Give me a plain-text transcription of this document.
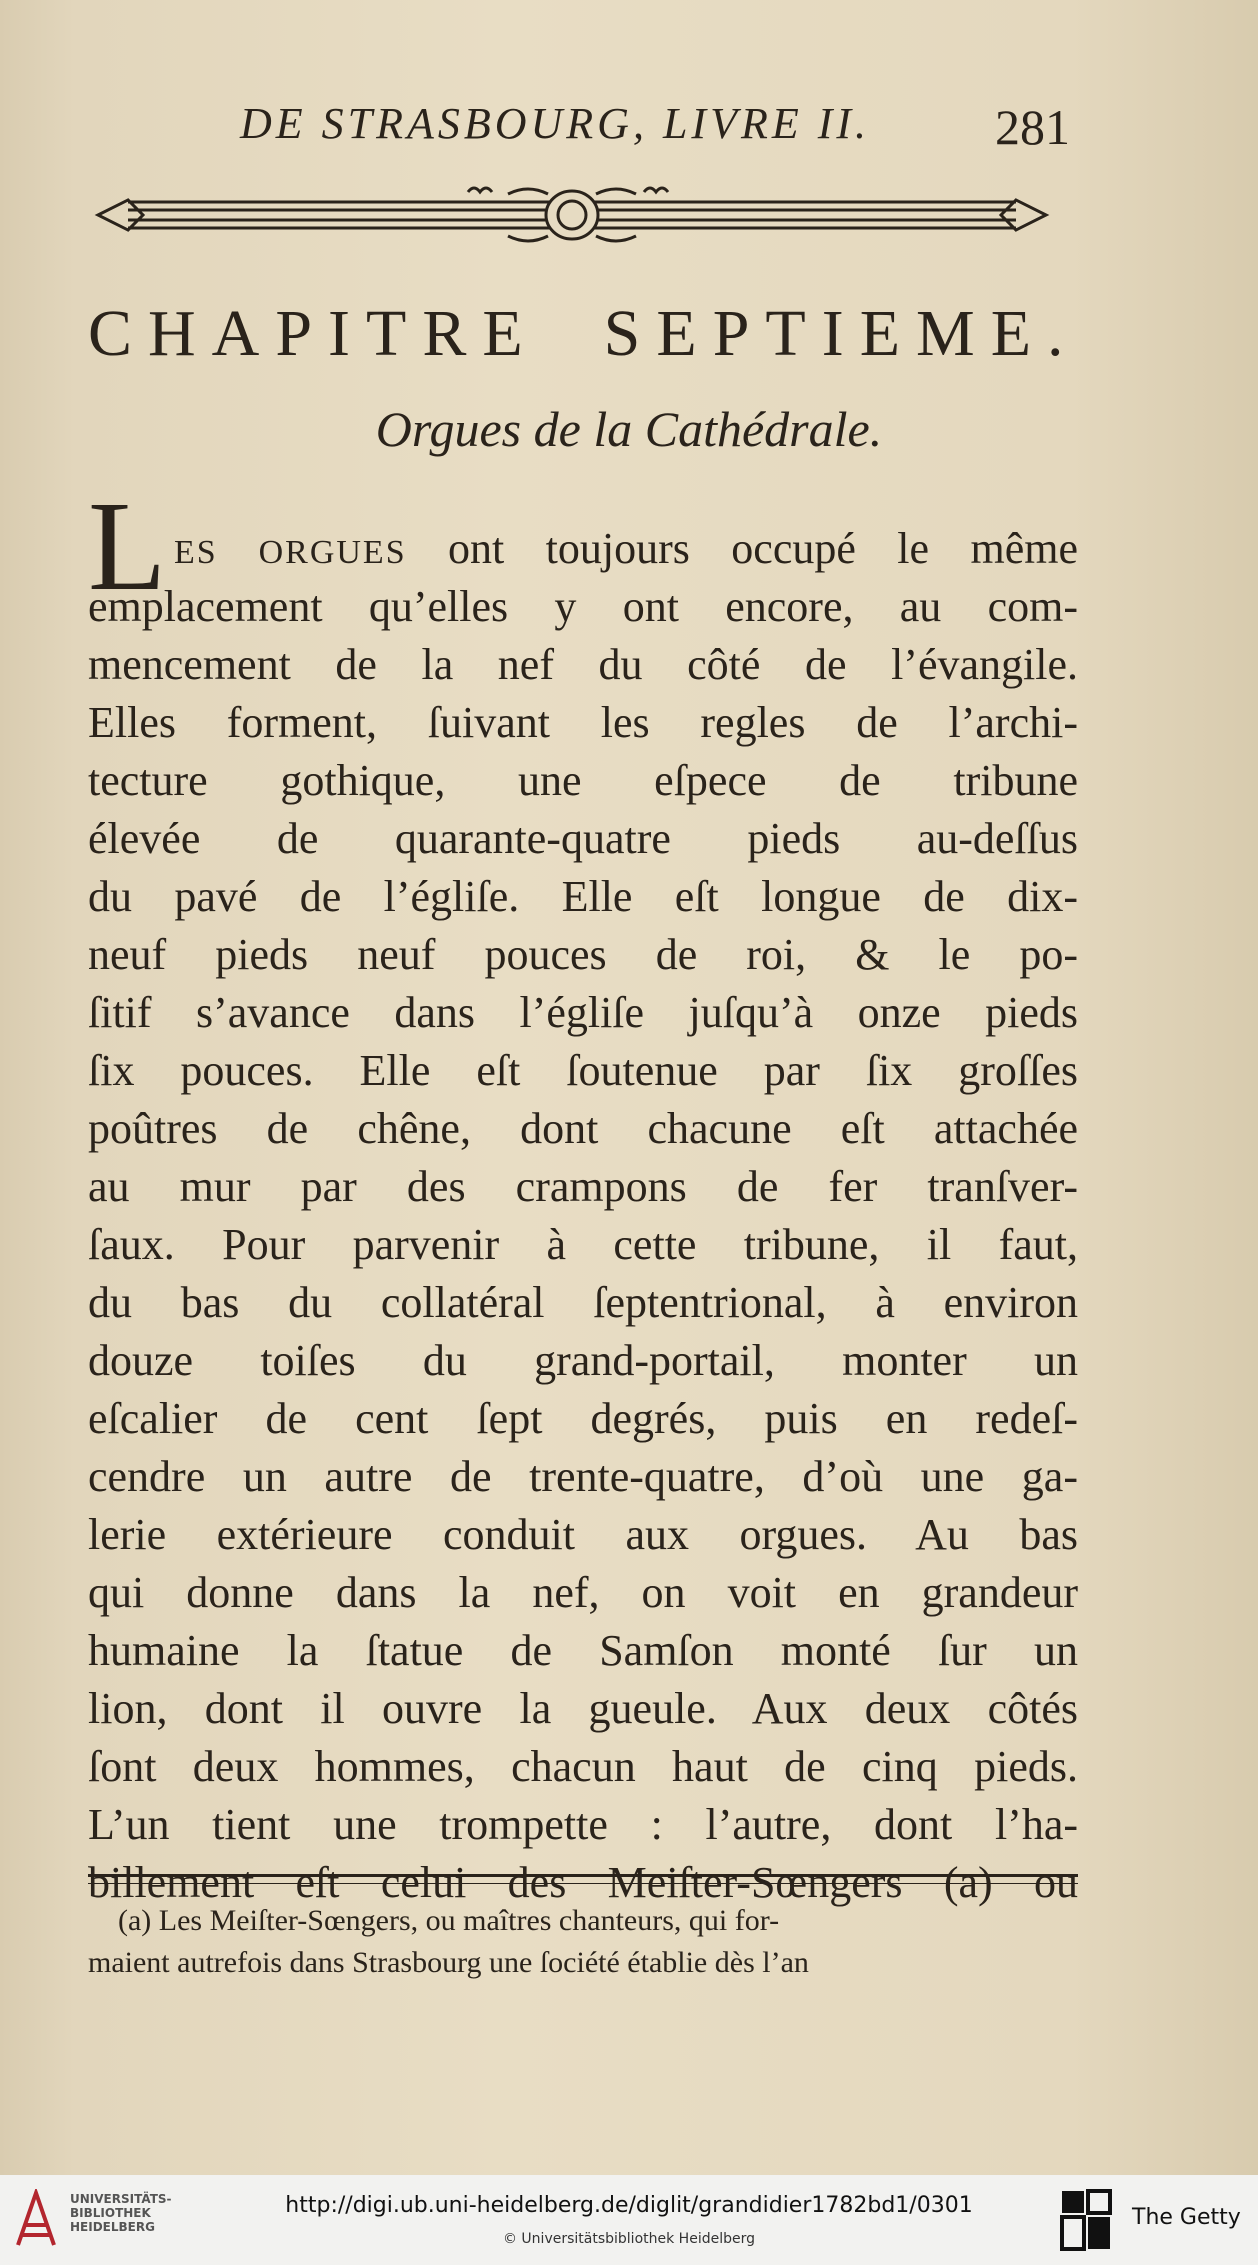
DE STRASBOURG, LIVRE II. 281
CHAPITRE  SEPTIEME.
Orgues de la Cathédrale.
L ES ORGUES ont toujours occupé le même
emplacement qu’elles y ont encore, au com-
mencement de la nef du côté de l’évangile.
Elles forment, ſuivant les regles de l’archi-
tecture gothique, une eſpece de tribune
élevée de quarante-quatre pieds au-deſſus
du pavé de l’égliſe. Elle eſt longue de dix-
neuf pieds neuf pouces de roi, & le po-
ſitif s’avance dans l’égliſe juſqu’à onze pieds
ſix pouces. Elle eſt ſoutenue par ſix groſſes
poûtres de chêne, dont chacune eſt attachée
au mur par des crampons de fer tranſver-
ſaux. Pour parvenir à cette tribune, il faut,
du bas du collatéral ſeptentrional, à environ
douze toiſes du grand-portail, monter un
eſcalier de cent ſept degrés, puis en redeſ-
cendre un autre de trente-quatre, d’où une ga-
lerie extérieure conduit aux orgues. Au bas
qui donne dans la nef, on voit en grandeur
humaine la ſtatue de Samſon monté ſur un
lion, dont il ouvre la gueule. Aux deux côtés
ſont deux hommes, chacun haut de cinq pieds.
L’un tient une trompette : l’autre, dont l’ha-
billement eſt celui des Meiſter-Sœngers (a) ou
(a) Les Meiſter-Sœngers, ou maîtres chanteurs, qui for-
maient autrefois dans Strasbourg une ſociété établie dès l’an
UNIVERSITÄTS-
BIBLIOTHEK
HEIDELBERG
http://digi.ub.uni-heidelberg.de/diglit/grandidier1782bd1/0301
© Universitätsbibliothek Heidelberg
The Getty
